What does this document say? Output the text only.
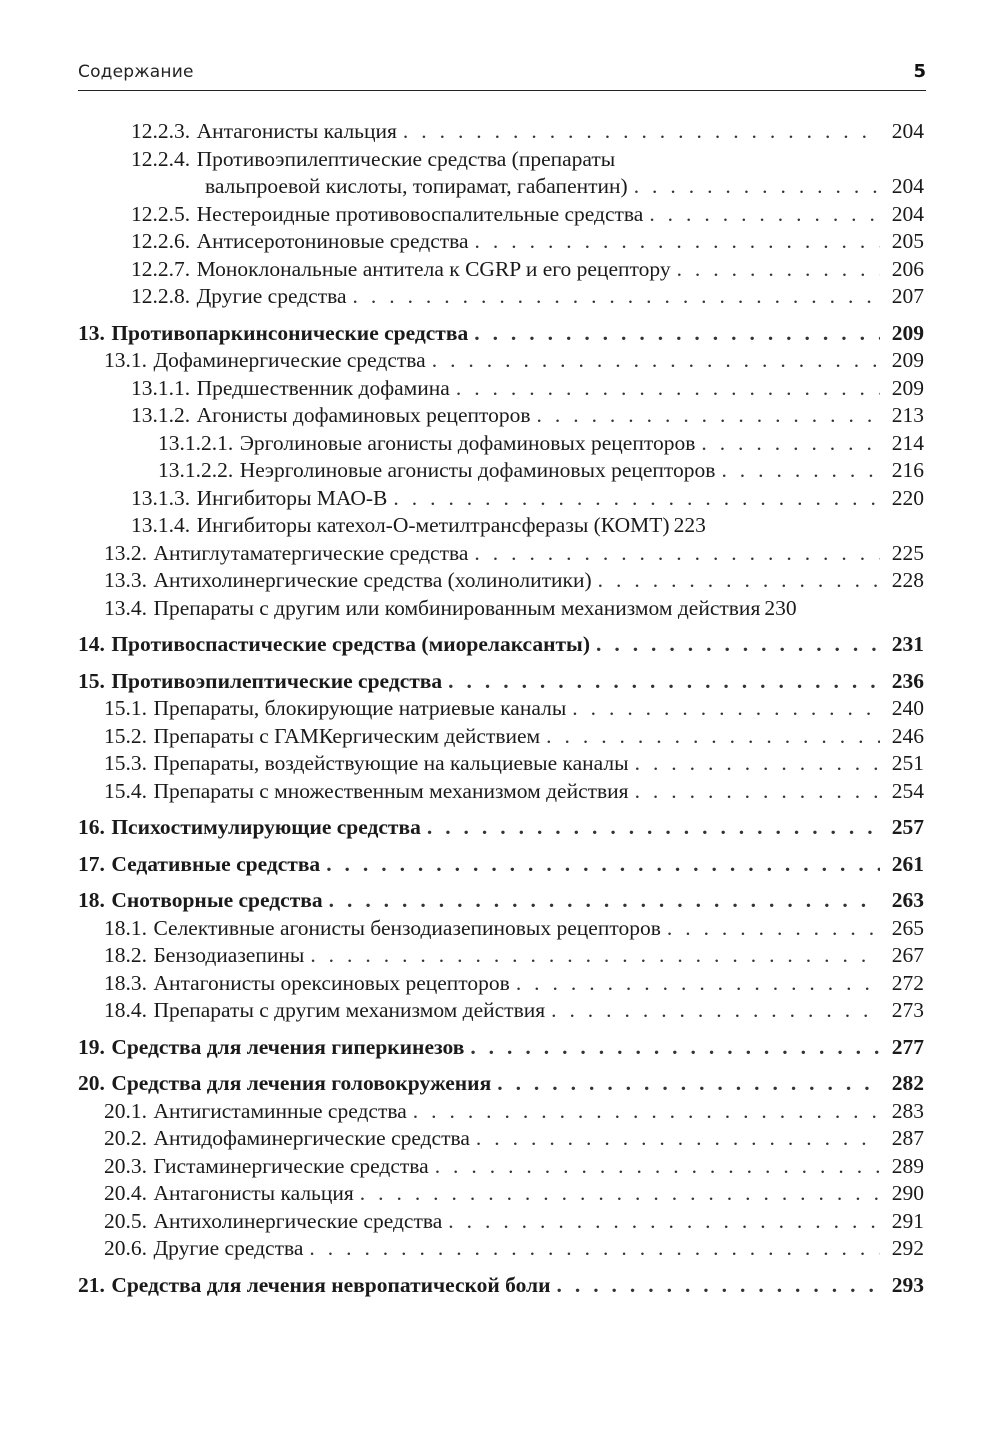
Содержание	5
12.2.3. Антагонисты кальция . . .	204
12.2.4. Противоэпилептические средства (препараты
вальпроевой кислоты, топирамат, габапентин) . . .	204
12.2.5. Нестероидные противовоспалительные средства . . .	204
12.2.6. Антисеротониновые средства . . .	205
12.2.7. Моноклональные антитела к CGRP и его рецептору . . .	206
12.2.8. Другие средства . . .	207
13. Противопаркинсонические средства . . .	209
13.1. Дофаминергические средства . . .	209
13.1.1. Предшественник дофамина . . .	209
13.1.2. Агонисты дофаминовых рецепторов . . .	213
13.1.2.1. Эрголиновые агонисты дофаминовых рецепторов . . .	214
13.1.2.2. Неэрголиновые агонисты дофаминовых рецепторов . . .	216
13.1.3. Ингибиторы МАО-В . . .	220
13.1.4. Ингибиторы катехол-О-метилтрансферазы (КОМТ) 223
13.2. Антиглутаматергические средства . . .	225
13.3. Антихолинергические средства (холинолитики) . . .	228
13.4. Препараты с другим или комбинированным механизмом действия 230
14. Противоспастические средства (миорелаксанты) . . .	231
15. Противоэпилептические средства . . .	236
15.1. Препараты, блокирующие натриевые каналы . . .	240
15.2. Препараты с ГАМКергическим действием . . .	246
15.3. Препараты, воздействующие на кальциевые каналы . . .	251
15.4. Препараты с множественным механизмом действия . . .	254
16. Психостимулирующие средства . . .	257
17. Седативные средства . . .	261
18. Снотворные средства . . .	263
18.1. Селективные агонисты бензодиазепиновых рецепторов . . .	265
18.2. Бензодиазепины . . .	267
18.3. Антагонисты орексиновых рецепторов . . .	272
18.4. Препараты с другим механизмом действия . . .	273
19. Средства для лечения гиперкинезов . . .	277
20. Средства для лечения головокружения . . .	282
20.1. Антигистаминные средства . . .	283
20.2. Антидофаминергические средства . . .	287
20.3. Гистаминергические средства . . .	289
20.4. Антагонисты кальция . . .	290
20.5. Антихолинергические средства . . .	291
20.6. Другие средства . . .	292
21. Средства для лечения невропатической боли . . .	293
